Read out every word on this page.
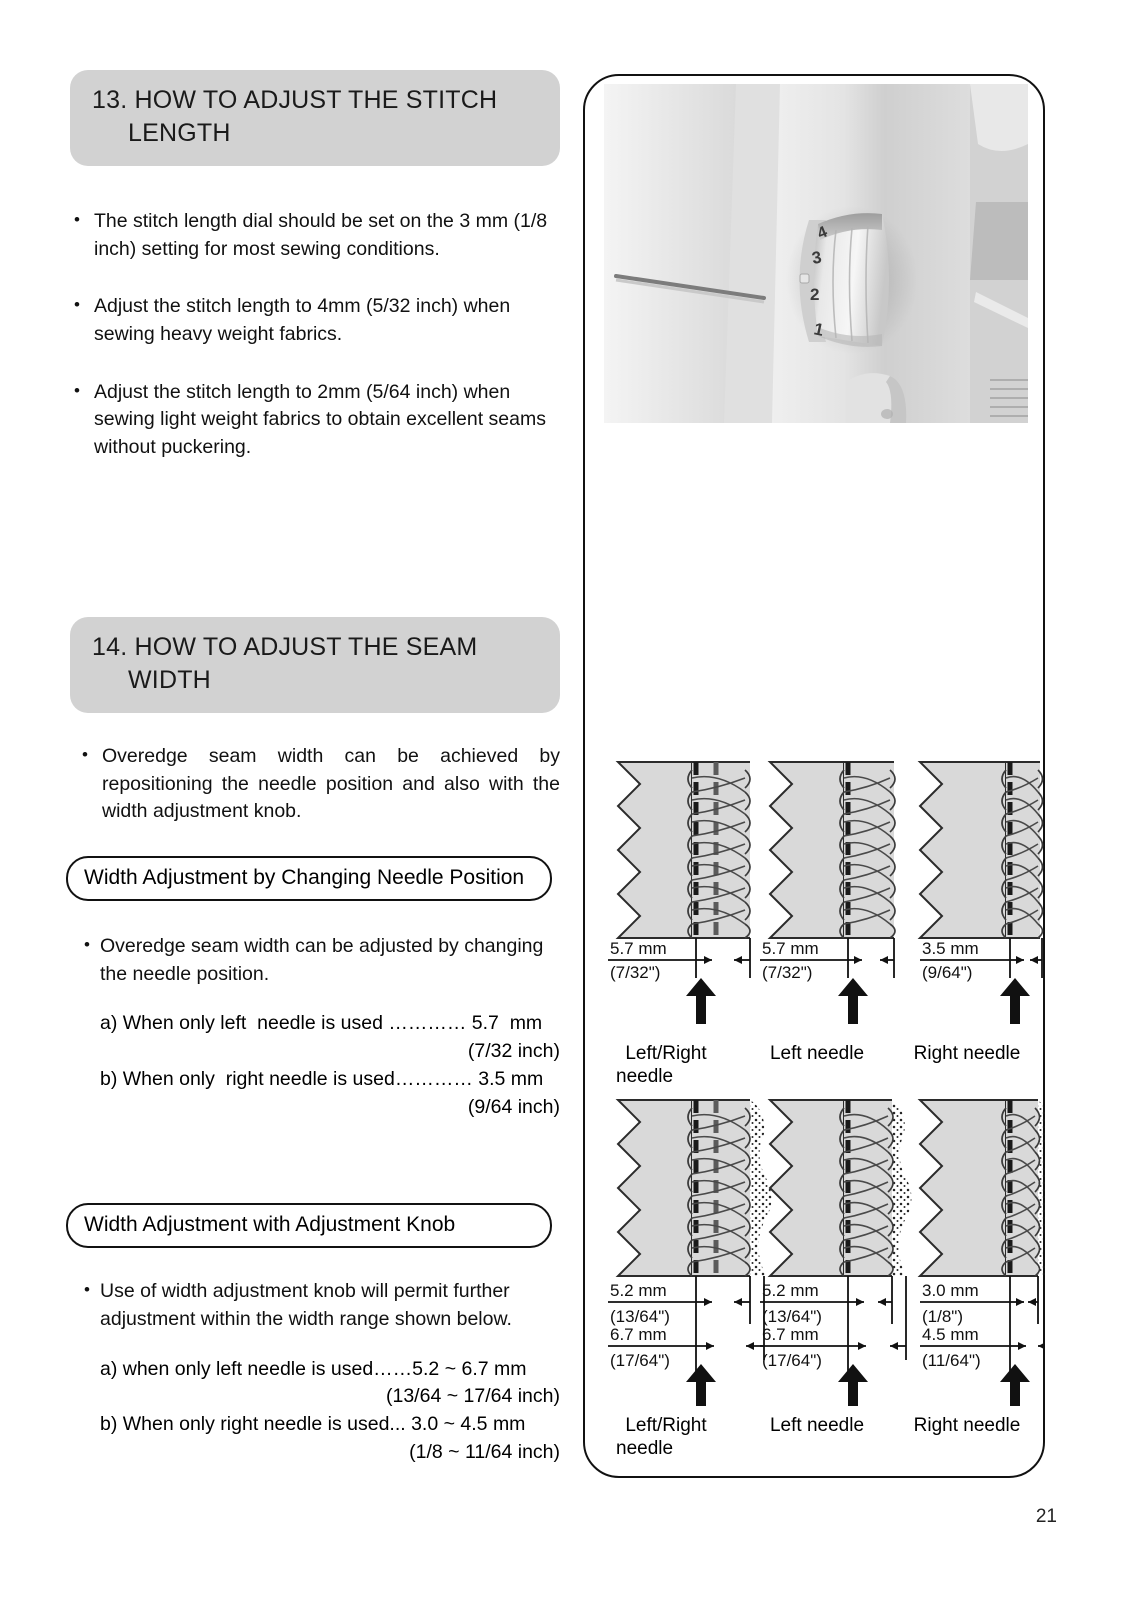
13. HOW TO ADJUST THE STITCH
LENGTH
• The stitch length dial should be set on the 3 mm (1/8 inch) setting for most sewing conditions.
• Adjust the stitch length to 4mm (5/32 inch) when sewing heavy weight fabrics.
• Adjust the stitch length to 2mm (5/64 inch) when sewing light weight fabrics to obtain excellent seams without puckering.
14. HOW TO ADJUST THE SEAM
WIDTH
• Overedge seam width can be achieved by repositioning the needle position and also with the width adjustment knob.
Width Adjustment by Changing Needle Position
• Overedge seam width can be adjusted by changing the needle position.
a) When only left  needle is used ………… 5.7  mm
(7/32 inch)
b) When only  right needle is used………… 3.5 mm
(9/64 inch)
Width Adjustment with Adjustment Knob
• Use of width adjustment knob will permit further adjustment within the width range shown below.
a) when only left needle is used……5.2 ~ 6.7 mm
(13/64 ~ 17/64 inch)
b) When only right needle is used... 3.0 ~ 4.5 mm
(1/8 ~ 11/64 inch)
4
3
2
1
5.7 mm
(7/32")
5.7 mm
(7/32")
3.5 mm
(9/64")
Left/Right
needle
Left needle	Right needle
5.2 mm
(13/64")
6.7 mm
(17/64")
5.2 mm
(13/64")
6.7 mm
(17/64")
3.0 mm
(1/8")
4.5 mm
(11/64")
Left/Right
needle
Left needle	Right needle
21
